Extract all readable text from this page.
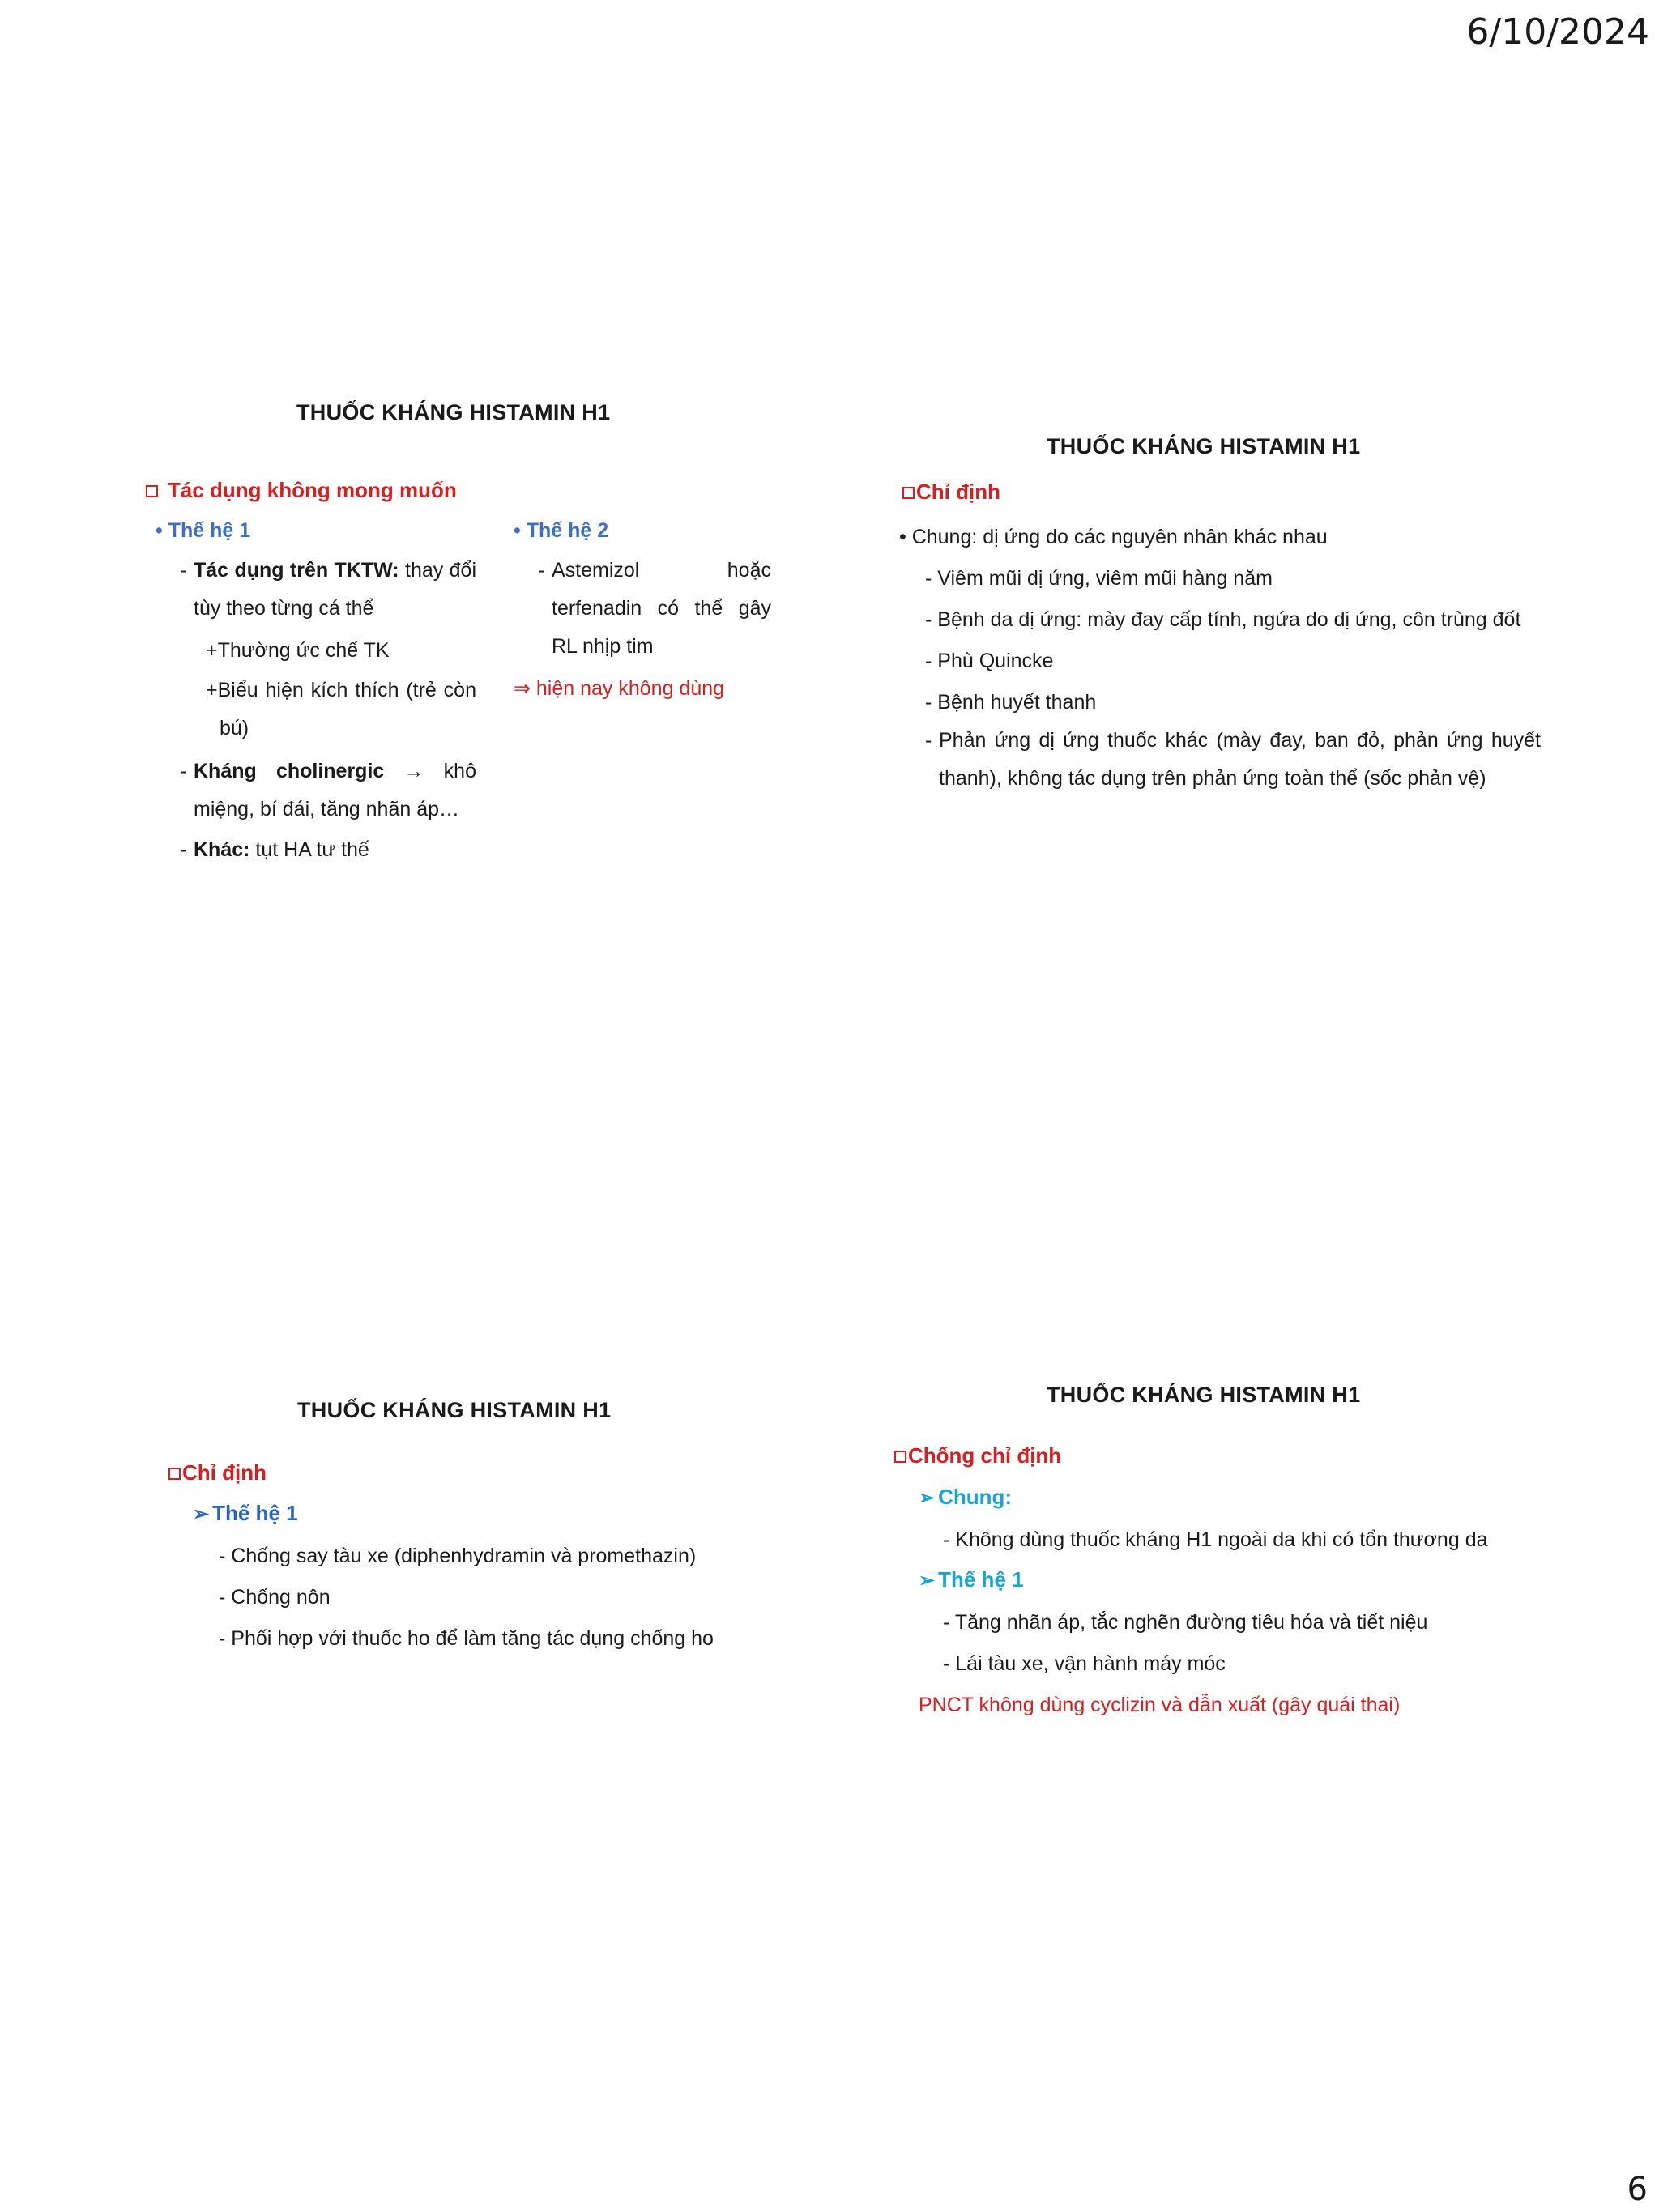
6/10/2024
6
THUỐC KHÁNG HISTAMIN H1
Tác dụng không mong muốn
• Thế hệ 1	• Thế hệ 2
- Tác dụng trên TKTW: thay đổi tùy theo từng cá thể
+Thường ức chế TK
+Biểu hiện kích thích (trẻ còn bú)
- Kháng cholinergic → khô miệng, bí đái, tăng nhãn áp…
- Khác: tụt HA tư thế
- Astemizol hoặc terfenadin có thể gây RL nhịp tim
⇒ hiện nay không dùng
THUỐC KHÁNG HISTAMIN H1
Chỉ định
• Chung: dị ứng do các nguyên nhân khác nhau
- Viêm mũi dị ứng, viêm mũi hàng năm
- Bệnh da dị ứng: mày đay cấp tính, ngứa do dị ứng, côn trùng đốt
- Phù Quincke
- Bệnh huyết thanh
- Phản ứng dị ứng thuốc khác (mày đay, ban đỏ, phản ứng huyết thanh), không tác dụng trên phản ứng toàn thể (sốc phản vệ)
THUỐC KHÁNG HISTAMIN H1
Chỉ định
➢ Thế hệ 1
- Chống say tàu xe (diphenhydramin và promethazin)
- Chống nôn
- Phối hợp với thuốc ho để làm tăng tác dụng chống ho
THUỐC KHÁNG HISTAMIN H1
Chống chỉ định
➢ Chung:
- Không dùng thuốc kháng H1 ngoài da khi có tổn thương da
➢ Thế hệ 1
- Tăng nhãn áp, tắc nghẽn đường tiêu hóa và tiết niệu
- Lái tàu xe, vận hành máy móc
PNCT không dùng cyclizin và dẫn xuất (gây quái thai)
